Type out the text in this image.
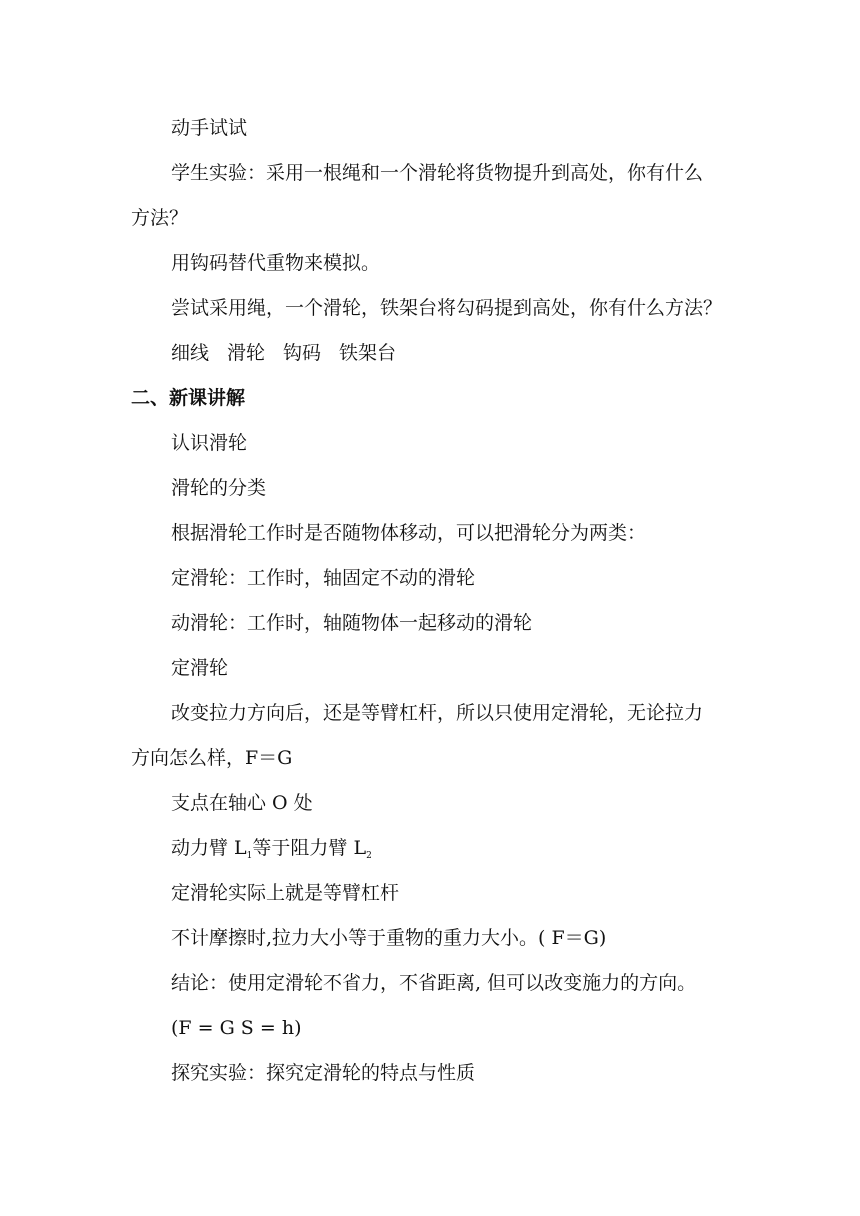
动手试试
学生实验：采用一根绳和一个滑轮将货物提升到高处，你有什么
方法？
用钩码替代重物来模拟。
尝试采用绳，一个滑轮，铁架台将勾码提到高处，你有什么方法？
细线 滑轮 钩码 铁架台
二、新课讲解
认识滑轮
滑轮的分类
根据滑轮工作时是否随物体移动，可以把滑轮分为两类：
定滑轮：工作时，轴固定不动的滑轮
动滑轮：工作时，轴随物体一起移动的滑轮
定滑轮
改变拉力方向后，还是等臂杠杆，所以只使用定滑轮，无论拉力
方向怎么样，F＝G
支点在轴心 O 处
动力臂 $L_1$等于阻力臂 $L_2$
定滑轮实际上就是等臂杠杆
不计摩擦时,拉力大小等于重物的重力大小。( F＝G)
结论：使用定滑轮不省力，不省距离, 但可以改变施力的方向。
(F = G S = h)
探究实验：探究定滑轮的特点与性质
